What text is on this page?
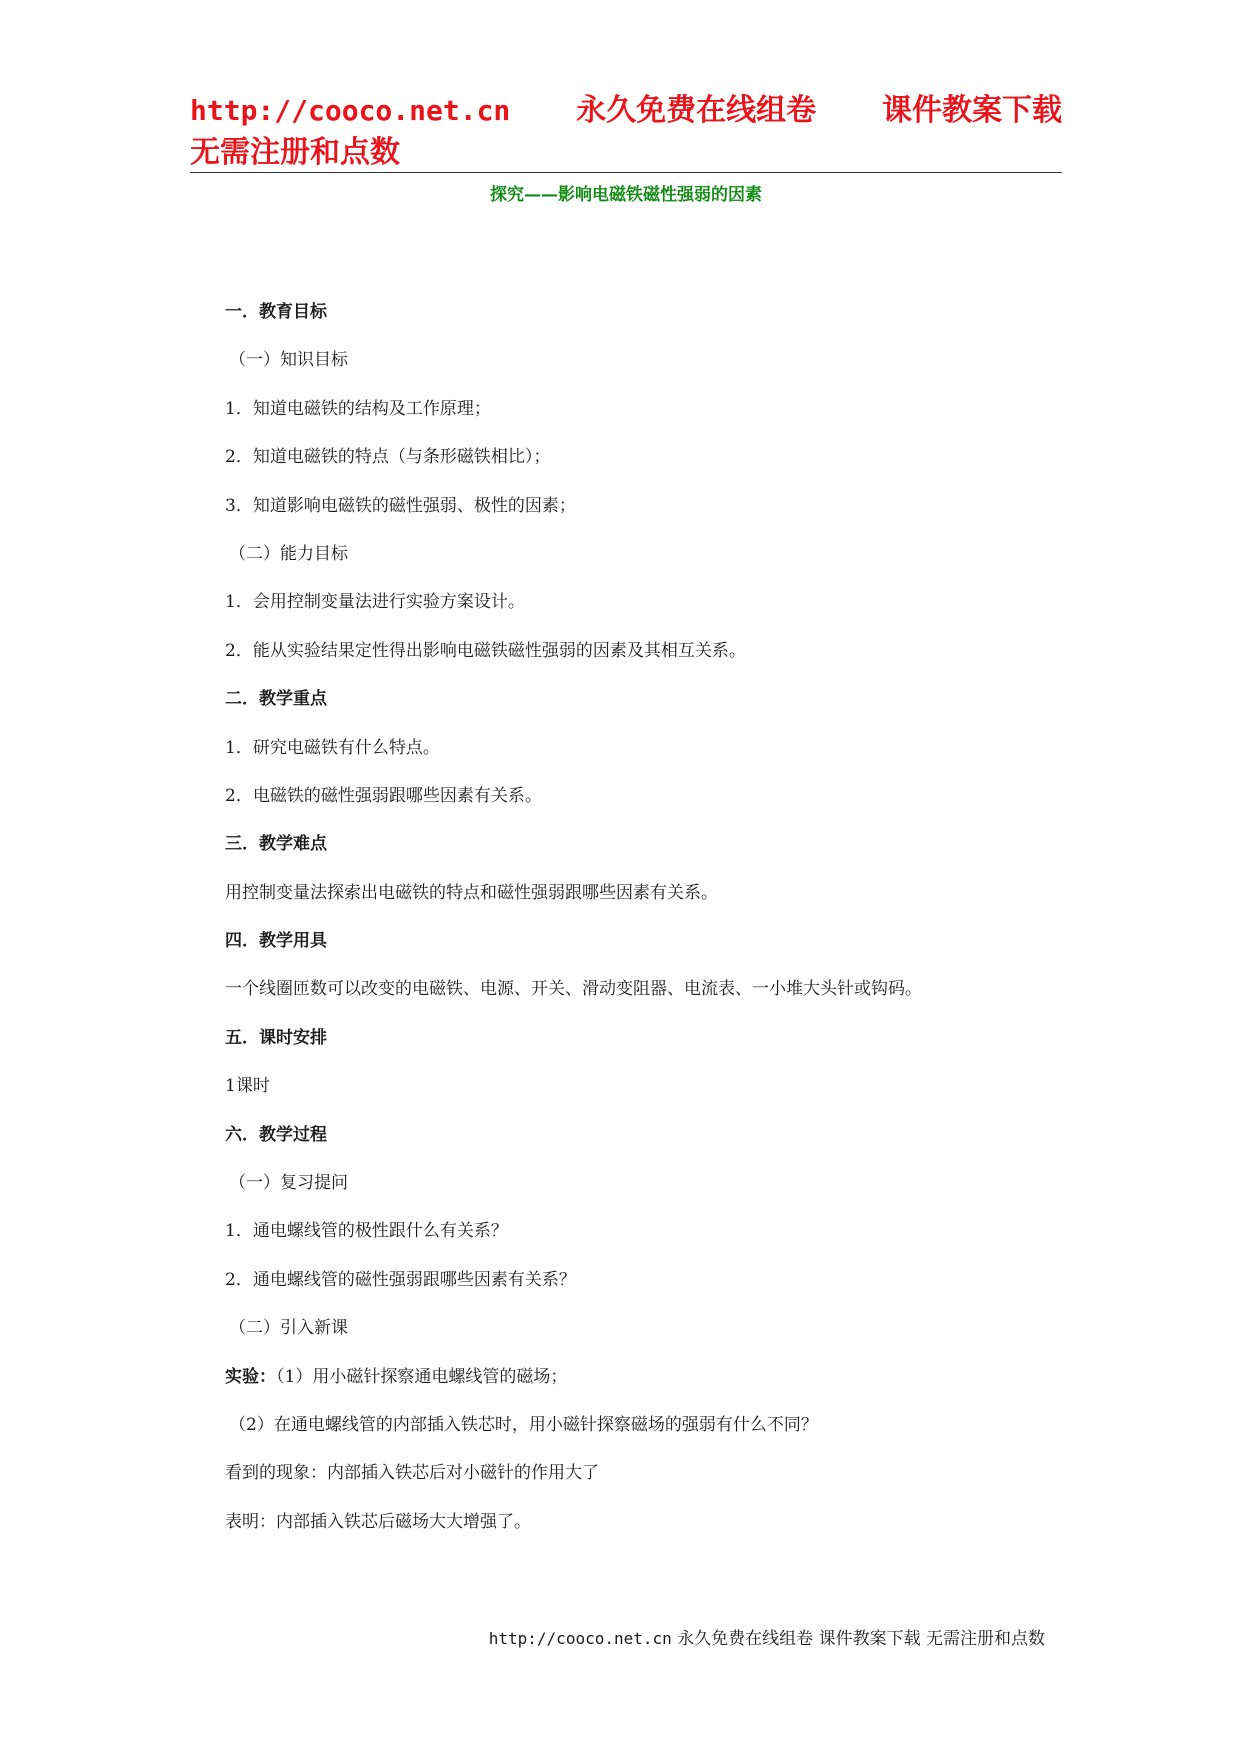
http://cooco.net.cn 永久免费在线组卷 课件教案下载
无需注册和点数
探究——影响电磁铁磁性强弱的因素
一．教育目标
（一）知识目标
1．知道电磁铁的结构及工作原理；
2．知道电磁铁的特点（与条形磁铁相比）；
3．知道影响电磁铁的磁性强弱、极性的因素；
（二）能力目标
1．会用控制变量法进行实验方案设计。
2．能从实验结果定性得出影响电磁铁磁性强弱的因素及其相互关系。
二．教学重点
1．研究电磁铁有什么特点。
2．电磁铁的磁性强弱跟哪些因素有关系。
三．教学难点
用控制变量法探索出电磁铁的特点和磁性强弱跟哪些因素有关系。
四．教学用具
一个线圈匝数可以改变的电磁铁、电源、开关、滑动变阻器、电流表、一小堆大头针或钩码。
五．课时安排
1课时
六．教学过程
（一）复习提问
1．通电螺线管的极性跟什么有关系？
2．通电螺线管的磁性强弱跟哪些因素有关系？
（二）引入新课
实验：（1）用小磁针探察通电螺线管的磁场；
（2）在通电螺线管的内部插入铁芯时，用小磁针探察磁场的强弱有什么不同？
看到的现象：内部插入铁芯后对小磁针的作用大了
表明：内部插入铁芯后磁场大大增强了。
http://cooco.net.cn 永久免费在线组卷 课件教案下载 无需注册和点数
